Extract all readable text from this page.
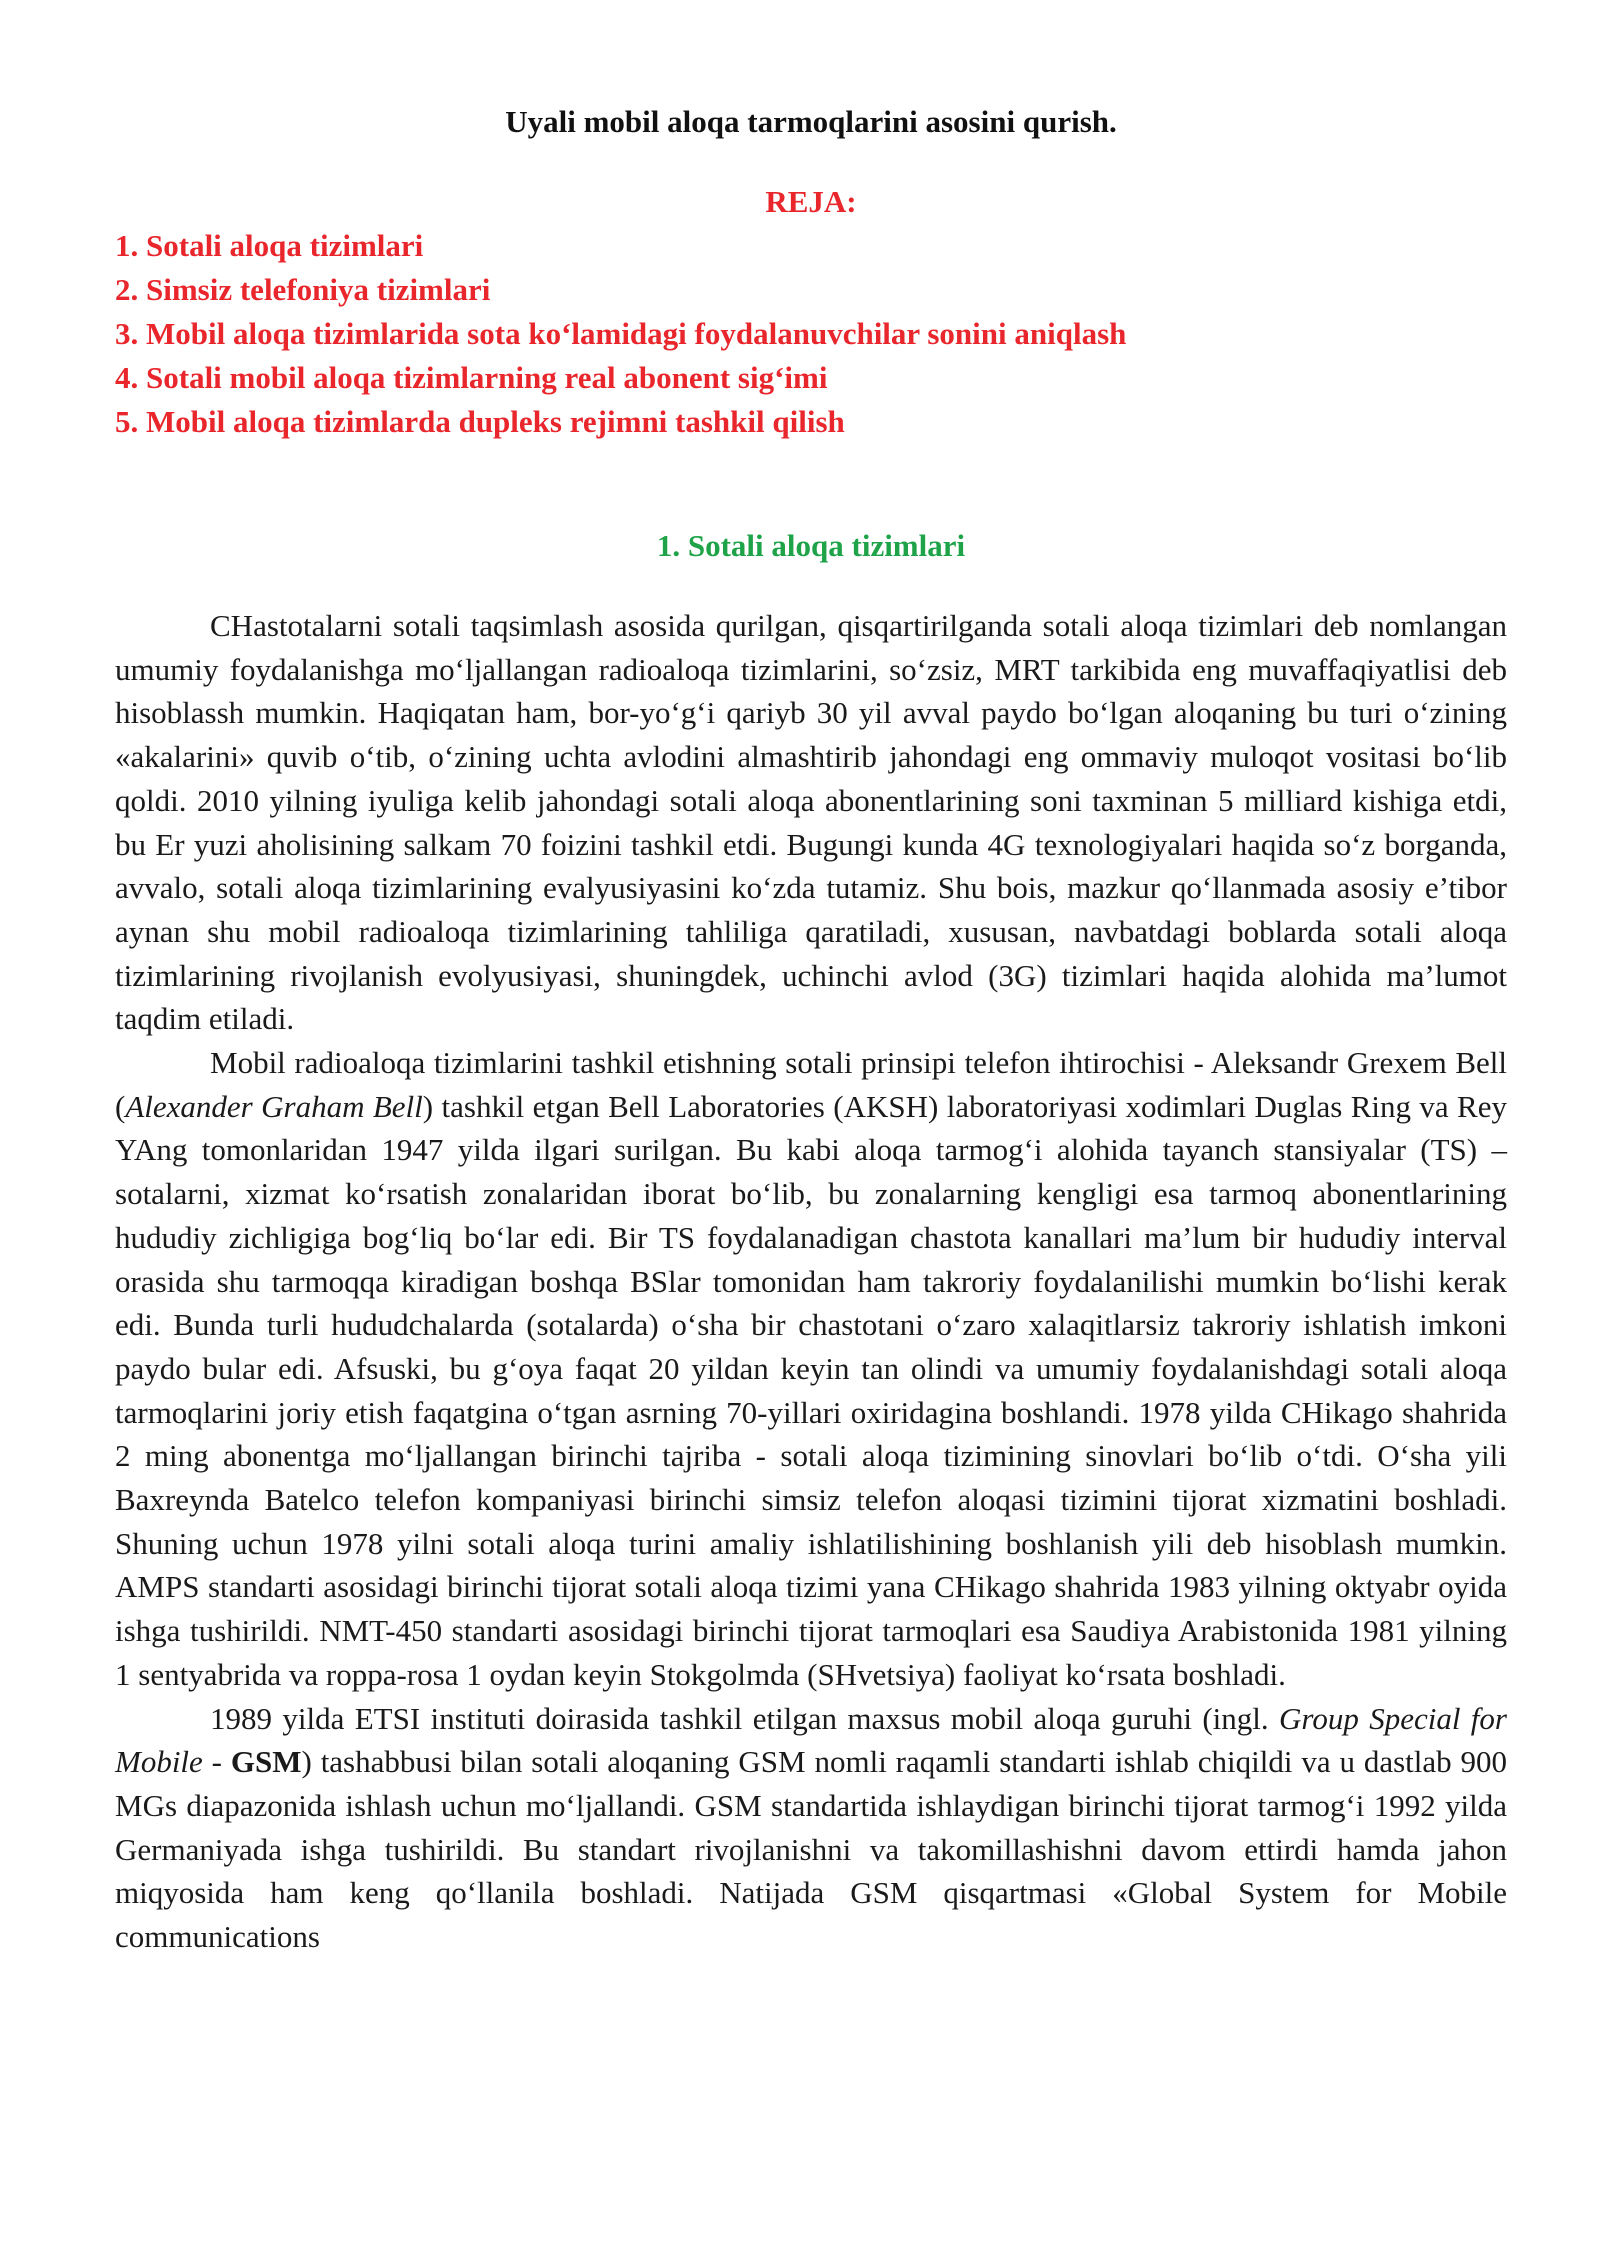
Uyali mobil aloqa tarmoqlarini asosini qurish.
REJA:
1. Sotali aloqa tizimlari
2. Simsiz telefoniya tizimlari
3. Mobil aloqa tizimlarida sota ko‘lamidagi foydalanuvchilar sonini aniqlash
4. Sotali mobil aloqa tizimlarning real abonent sig‘imi
5. Mobil aloqa tizimlarda dupleks rejimni tashkil qilish
1. Sotali aloqa tizimlari

CHastotalarni sotali taqsimlash asosida qurilgan, qisqartirilganda sotali aloqa tizimlari deb nomlangan umumiy foydalanishga mo‘ljallangan radioaloqa tizimlarini, so‘zsiz, MRT tarkibida eng muvaffaqiyatlisi deb hisoblassh mumkin. Haqiqatan ham, bor-yo‘g‘i qariyb 30 yil avval paydo bo‘lgan aloqaning bu turi o‘zining «akalarini» quvib o‘tib, o‘zining uchta avlodini almashtirib jahondagi eng ommaviy muloqot vositasi bo‘lib qoldi. 2010 yilning iyuliga kelib jahondagi sotali aloqa abonentlarining soni taxminan 5 milliard kishiga etdi, bu Er yuzi aholisining salkam 70 foizini tashkil etdi. Bugungi kunda 4G texnologiyalari haqida so‘z borganda, avvalo, sotali aloqa tizimlarining evalyusiyasini ko‘zda tutamiz. Shu bois, mazkur qo‘llanmada asosiy e’tibor aynan shu mobil radioaloqa tizimlarining tahliliga qaratiladi, xususan, navbatdagi boblarda sotali aloqa tizimlarining rivojlanish evolyusiyasi, shuningdek, uchinchi avlod (3G) tizimlari haqida alohida ma’lumot taqdim etiladi.

Mobil radioaloqa tizimlarini tashkil etishning sotali prinsipi telefon ihtirochisi - Aleksandr Grexem Bell (Alexander Graham Bell) tashkil etgan Bell Laboratories (AKSH) laboratoriyasi xodimlari Duglas Ring va Rey YAng tomonlaridan 1947 yilda ilgari surilgan. Bu kabi aloqa tarmog‘i alohida tayanch stansiyalar (TS) – sotalarni, xizmat ko‘rsatish zonalaridan iborat bo‘lib, bu zonalarning kengligi esa tarmoq abonentlarining hududiy zichligiga bog‘liq bo‘lar edi. Bir TS foydalanadigan chastota kanallari ma’lum bir hududiy interval orasida shu tarmoqqa kiradigan boshqa BSlar tomonidan ham takroriy foydalanilishi mumkin bo‘lishi kerak edi. Bunda turli hududchalarda (sotalarda) o‘sha bir chastotani o‘zaro xalaqitlarsiz takroriy ishlatish imkoni paydo bular edi. Afsuski, bu g‘oya faqat 20 yildan keyin tan olindi va umumiy foydalanishdagi sotali aloqa tarmoqlarini joriy etish faqatgina o‘tgan asrning 70-yillari oxiridagina boshlandi. 1978 yilda CHikago shahrida 2 ming abonentga mo‘ljallangan birinchi tajriba - sotali aloqa tizimining sinovlari bo‘lib o‘tdi. O‘sha yili Baxreynda Batelco telefon kompaniyasi birinchi simsiz telefon aloqasi tizimini tijorat xizmatini boshladi. Shuning uchun 1978 yilni sotali aloqa turini amaliy ishlatilishining boshlanish yili deb hisoblash mumkin. AMPS standarti asosidagi birinchi tijorat sotali aloqa tizimi yana CHikago shahrida 1983 yilning oktyabr oyida ishga tushirildi. NMT-450 standarti asosidagi birinchi tijorat tarmoqlari esa Saudiya Arabistonida 1981 yilning 1 sentyabrida va roppa-rosa 1 oydan keyin Stokgolmda (SHvetsiya) faoliyat ko‘rsata boshladi.

1989 yilda ETSI instituti doirasida tashkil etilgan maxsus mobil aloqa guruhi (ingl. Group Special for Mobile - GSM) tashabbusi bilan sotali aloqaning GSM nomli raqamli standarti ishlab chiqildi va u dastlab 900 MGs diapazonida ishlash uchun mo‘ljallandi. GSM standartida ishlaydigan birinchi tijorat tarmog‘i 1992 yilda Germaniyada ishga tushirildi. Bu standart rivojlanishni va takomillashishni davom ettirdi hamda jahon miqyosida ham keng qo‘llanila boshladi. Natijada GSM qisqartmasi «Global System for Mobile communications
